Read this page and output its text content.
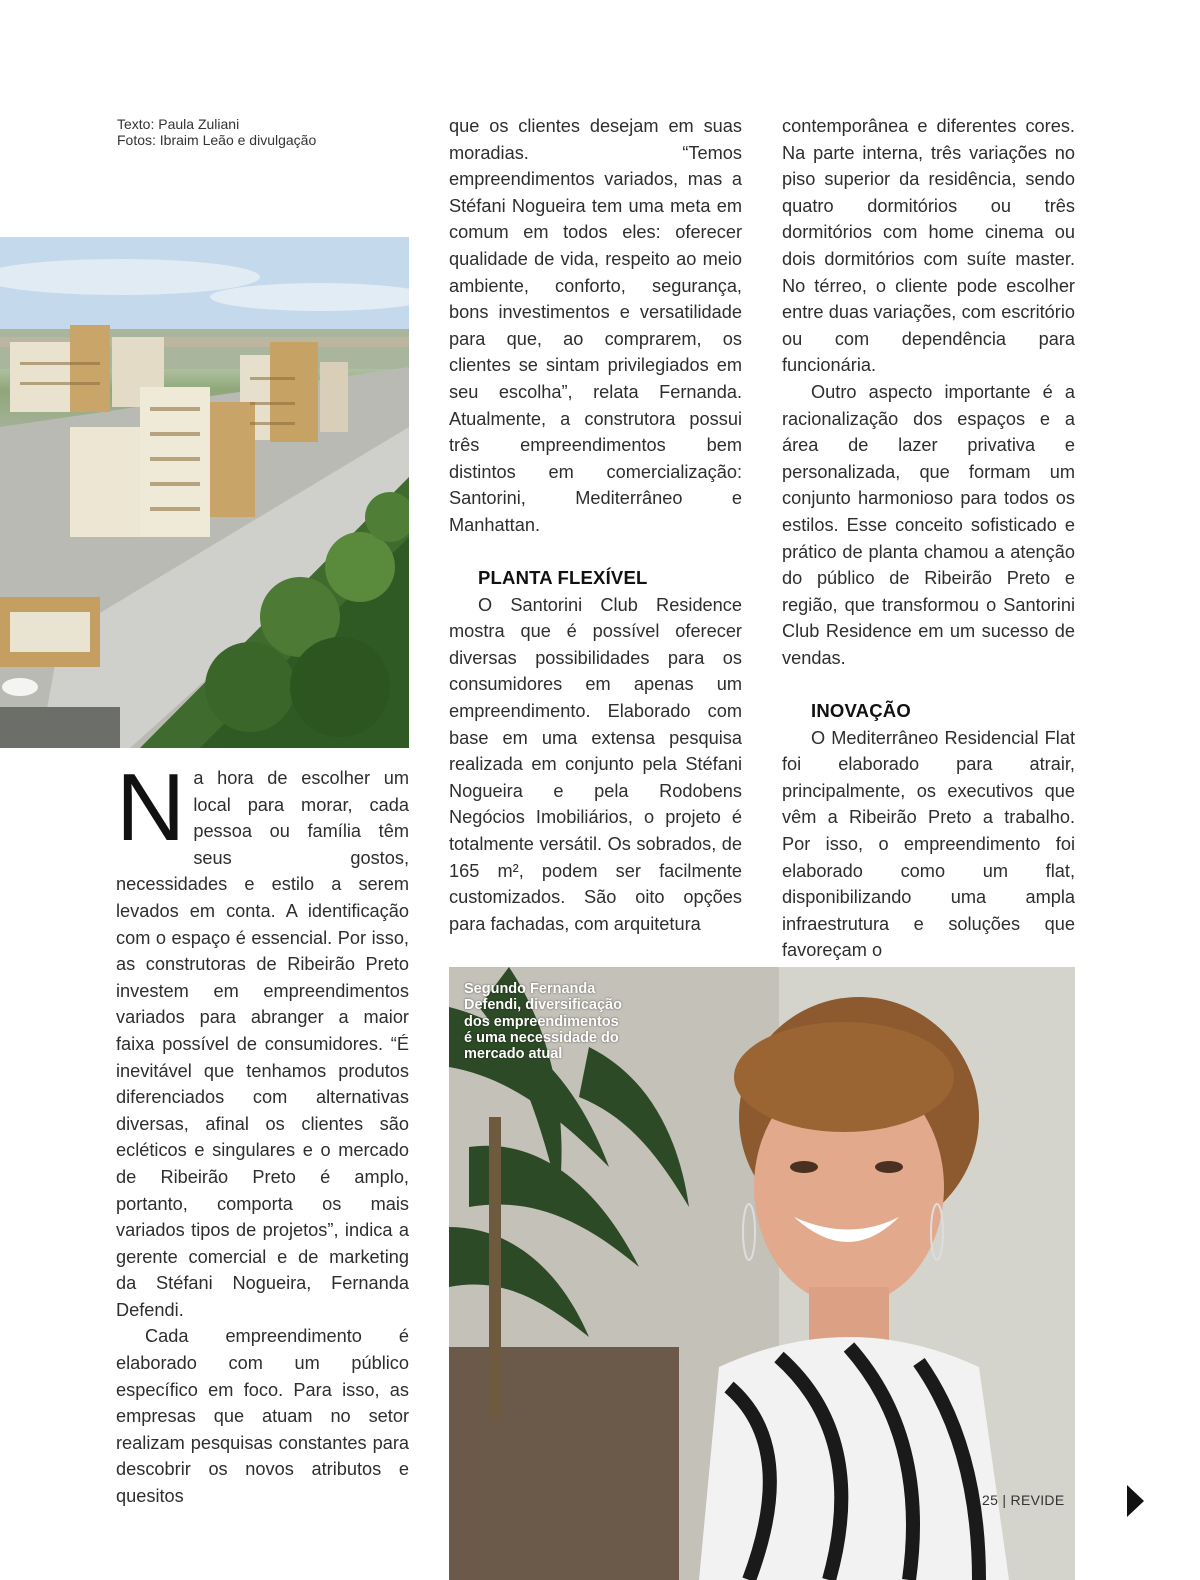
Texto: Paula Zuliani
Fotos: Ibraim Leão e divulgação
N a hora de escolher um local para morar, cada pessoa ou família têm seus gostos, necessidades e estilo a serem levados em conta. A identificação com o espaço é essencial. Por isso, as construtoras de Ribeirão Preto investem em empreendimentos variados para abranger a maior faixa possível de consumidores. “É inevitável que tenhamos produtos diferenciados com alternativas diversas, afinal os clientes são ecléticos e singulares e o mercado de Ribeirão Preto é amplo, portanto, comporta os mais variados tipos de projetos”, indica a gerente comercial e de marketing da Stéfani Nogueira, Fernanda Defendi.

Cada empreendimento é elaborado com um público específico em foco. Para isso, as empresas que atuam no setor realizam pesquisas constantes para descobrir os novos atributos e quesitos

que os clientes desejam em suas moradias. “Temos empreendimentos variados, mas a Stéfani Nogueira tem uma meta em comum em todos eles: oferecer qualidade de vida, respeito ao meio ambiente, conforto, segurança, bons investimentos e versatilidade para que, ao comprarem, os clientes se sintam privilegiados em seu escolha”, relata Fernanda. Atualmente, a construtora possui três empreendimentos bem distintos em comercialização: Santorini, Mediterrâneo e Manhattan.

PLANTA FLEXÍVEL

O Santorini Club Residence mostra que é possível oferecer diversas possibilidades para os consumidores em apenas um empreendimento. Elaborado com base em uma extensa pesquisa realizada em conjunto pela Stéfani Nogueira e pela Rodobens Negócios Imobiliários, o projeto é totalmente versátil. Os sobrados, de 165 m², podem ser facilmente customizados. São oito opções para fachadas, com arquitetura

contemporânea e diferentes cores. Na parte interna, três variações no piso superior da residência, sendo quatro dormitórios ou três dormitórios com home cinema ou dois dormitórios com suíte master. No térreo, o cliente pode escolher entre duas variações, com escritório ou com dependência para funcionária.

Outro aspecto importante é a racionalização dos espaços e a área de lazer privativa e personalizada, que formam um conjunto harmonioso para todos os estilos. Esse conceito sofisticado e prático de planta chamou a atenção do público de Ribeirão Preto e região, que transformou o Santorini Club Residence em um sucesso de vendas.

INOVAÇÃO

O Mediterrâneo Residencial Flat foi elaborado para atrair, principalmente, os executivos que vêm a Ribeirão Preto a trabalho. Por isso, o empreendimento foi elaborado como um flat, disponibilizando uma ampla infraestrutura e soluções que favoreçam o

Segundo Fernanda Defendi, diversificação dos empreendimentos é uma necessidade do mercado atual
25 | REVIDE
